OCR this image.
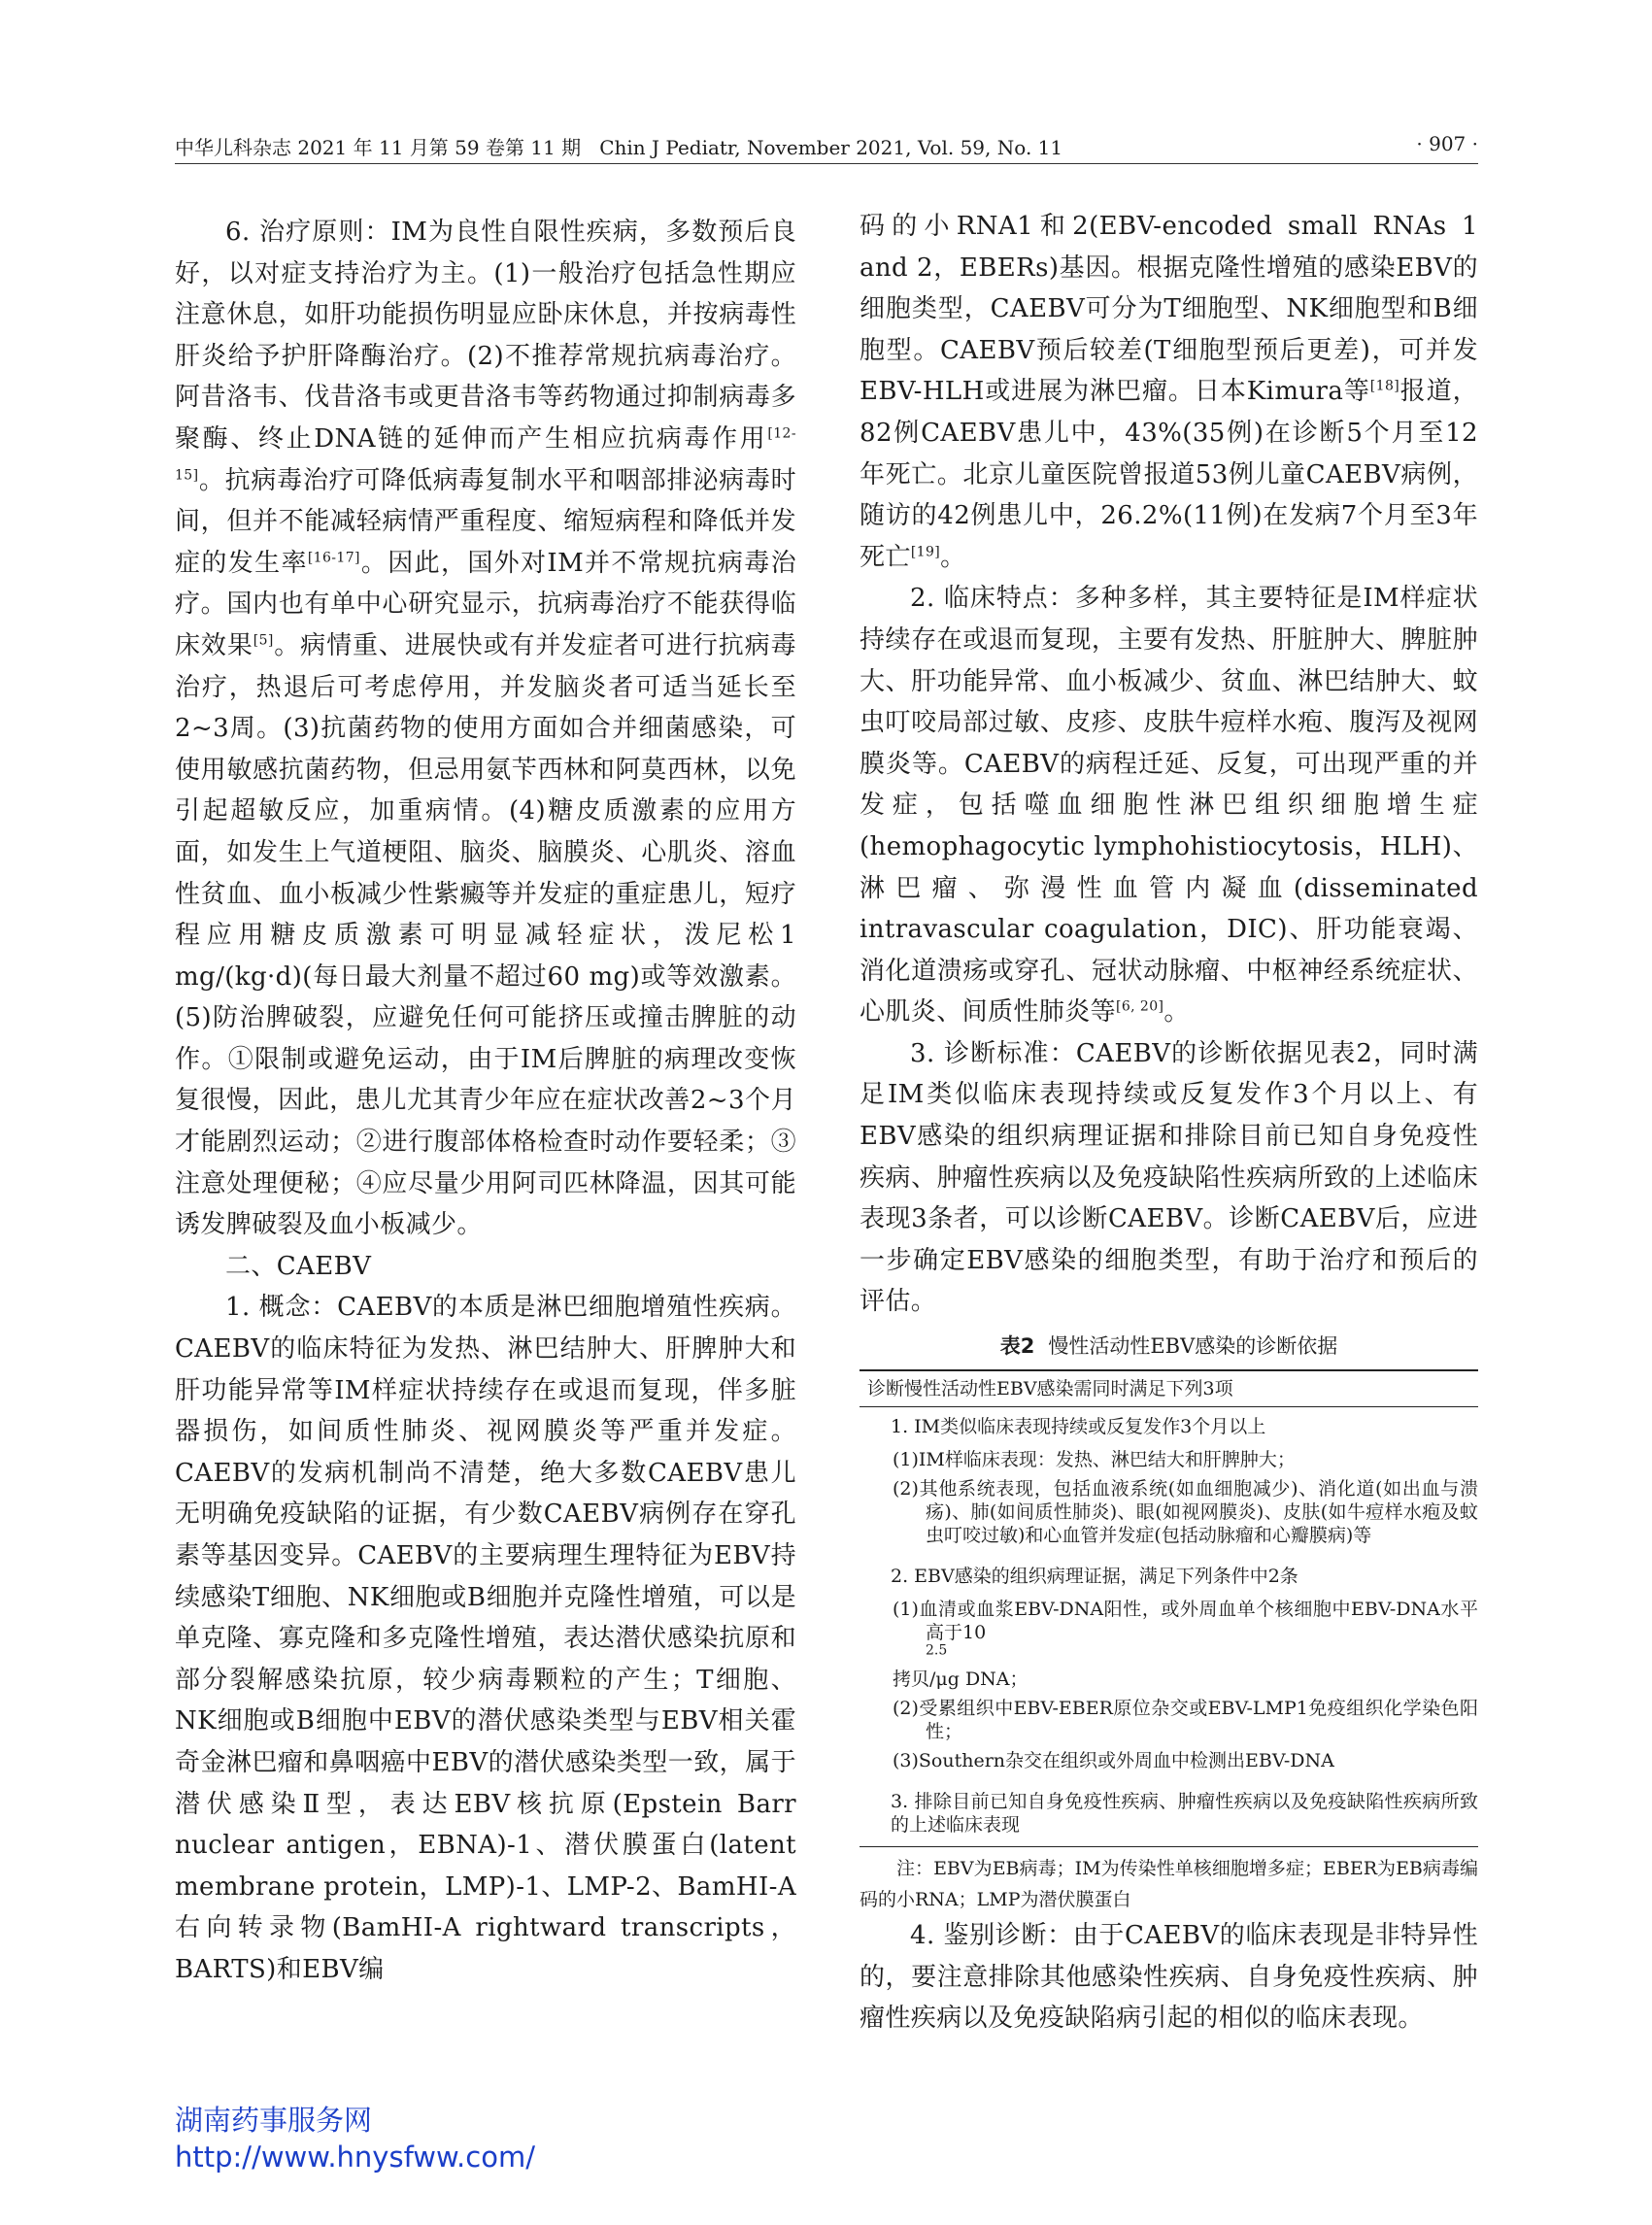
中华儿科杂志 2021 年 11 月第 59 卷第 11 期 Chin J Pediatr, November 2021, Vol. 59, No. 11	· 907 ·

6. 治疗原则：IM为良性自限性疾病，多数预后良好，以对症支持治疗为主。(1)一般治疗包括急性期应注意休息，如肝功能损伤明显应卧床休息，并按病毒性肝炎给予护肝降酶治疗。(2)不推荐常规抗病毒治疗。阿昔洛韦、伐昔洛韦或更昔洛韦等药物通过抑制病毒多聚酶、终止DNA链的延伸而产生相应抗病毒作用[12-15]。抗病毒治疗可降低病毒复制水平和咽部排泌病毒时间，但并不能减轻病情严重程度、缩短病程和降低并发症的发生率[16-17]。因此，国外对IM并不常规抗病毒治疗。国内也有单中心研究显示，抗病毒治疗不能获得临床效果[5]。病情重、进展快或有并发症者可进行抗病毒治疗，热退后可考虑停用，并发脑炎者可适当延长至2~3周。(3)抗菌药物的使用方面如合并细菌感染，可使用敏感抗菌药物，但忌用氨苄西林和阿莫西林，以免引起超敏反应，加重病情。(4)糖皮质激素的应用方面，如发生上气道梗阻、脑炎、脑膜炎、心肌炎、溶血性贫血、血小板减少性紫癜等并发症的重症患儿，短疗程应用糖皮质激素可明显减轻症状，泼尼松1 mg/(kg·d)(每日最大剂量不超过60 mg)或等效激素。(5)防治脾破裂，应避免任何可能挤压或撞击脾脏的动作。①限制或避免运动，由于IM后脾脏的病理改变恢复很慢，因此，患儿尤其青少年应在症状改善2~3个月才能剧烈运动；②进行腹部体格检查时动作要轻柔；③注意处理便秘；④应尽量少用阿司匹林降温，因其可能诱发脾破裂及血小板减少。

二、CAEBV

1. 概念：CAEBV的本质是淋巴细胞增殖性疾病。CAEBV的临床特征为发热、淋巴结肿大、肝脾肿大和肝功能异常等IM样症状持续存在或退而复现，伴多脏器损伤，如间质性肺炎、视网膜炎等严重并发症。CAEBV的发病机制尚不清楚，绝大多数CAEBV患儿无明确免疫缺陷的证据，有少数CAEBV病例存在穿孔素等基因变异。CAEBV的主要病理生理特征为EBV持续感染T细胞、NK细胞或B细胞并克隆性增殖，可以是单克隆、寡克隆和多克隆性增殖，表达潜伏感染抗原和部分裂解感染抗原，较少病毒颗粒的产生；T细胞、NK细胞或B细胞中EBV的潜伏感染类型与EBV相关霍奇金淋巴瘤和鼻咽癌中EBV的潜伏感染类型一致，属于潜伏感染Ⅱ型，表达EBV核抗原(Epstein Barr nuclear antigen，EBNA)-1、潜伏膜蛋白(latent membrane protein，LMP)-1、LMP-2、BamHI-A右向转录物(BamHI-A rightward transcripts，BARTS)和EBV编

码的小RNA1和2(EBV-encoded small RNAs 1 and 2，EBERs)基因。根据克隆性增殖的感染EBV的细胞类型，CAEBV可分为T细胞型、NK细胞型和B细胞型。CAEBV预后较差(T细胞型预后更差)，可并发EBV-HLH或进展为淋巴瘤。日本Kimura等[18]报道，82例CAEBV患儿中，43%(35例)在诊断5个月至12年死亡。北京儿童医院曾报道53例儿童CAEBV病例，随访的42例患儿中，26.2%(11例)在发病7个月至3年死亡[19]。

2. 临床特点：多种多样，其主要特征是IM样症状持续存在或退而复现，主要有发热、肝脏肿大、脾脏肿大、肝功能异常、血小板减少、贫血、淋巴结肿大、蚊虫叮咬局部过敏、皮疹、皮肤牛痘样水疱、腹泻及视网膜炎等。CAEBV的病程迁延、反复，可出现严重的并发症，包括噬血细胞性淋巴组织细胞增生症(hemophagocytic lymphohistiocytosis，HLH)、淋巴瘤、弥漫性血管内凝血(disseminated intravascular coagulation，DIC)、肝功能衰竭、消化道溃疡或穿孔、冠状动脉瘤、中枢神经系统症状、心肌炎、间质性肺炎等[6, 20]。

3. 诊断标准：CAEBV的诊断依据见表2，同时满足IM类似临床表现持续或反复发作3个月以上、有EBV感染的组织病理证据和排除目前已知自身免疫性疾病、肿瘤性疾病以及免疫缺陷性疾病所致的上述临床表现3条者，可以诊断CAEBV。诊断CAEBV后，应进一步确定EBV感染的细胞类型，有助于治疗和预后的评估。

表2 慢性活动性EBV感染的诊断依据
诊断慢性活动性EBV感染需同时满足下列3项
1. IM类似临床表现持续或反复发作3个月以上
(1)IM样临床表现：发热、淋巴结大和肝脾肿大；
(2)其他系统表现，包括血液系统(如血细胞减少)、消化道(如出血与溃疡)、肺(如间质性肺炎)、眼(如视网膜炎)、皮肤(如牛痘样水疱及蚊虫叮咬过敏)和心血管并发症(包括动脉瘤和心瓣膜病)等
2. EBV感染的组织病理证据，满足下列条件中2条
(1)血清或血浆EBV-DNA阳性，或外周血单个核细胞中EBV-DNA水平高于10
$^{2.5}$
拷贝/μg DNA；
(2)受累组织中EBV-EBER原位杂交或EBV-LMP1免疫组织化学染色阳性；
(3)Southern杂交在组织或外周血中检测出EBV-DNA
3. 排除目前已知自身免疫性疾病、肿瘤性疾病以及免疫缺陷性疾病所致的上述临床表现
注：EBV为EB病毒；IM为传染性单核细胞增多症；EBER为EB病毒编码的小RNA；LMP为潜伏膜蛋白

4. 鉴别诊断：由于CAEBV的临床表现是非特异性的，要注意排除其他感染性疾病、自身免疫性疾病、肿瘤性疾病以及免疫缺陷病引起的相似的临床表现。

湖南药事服务网
http://www.hnysfww.com/
